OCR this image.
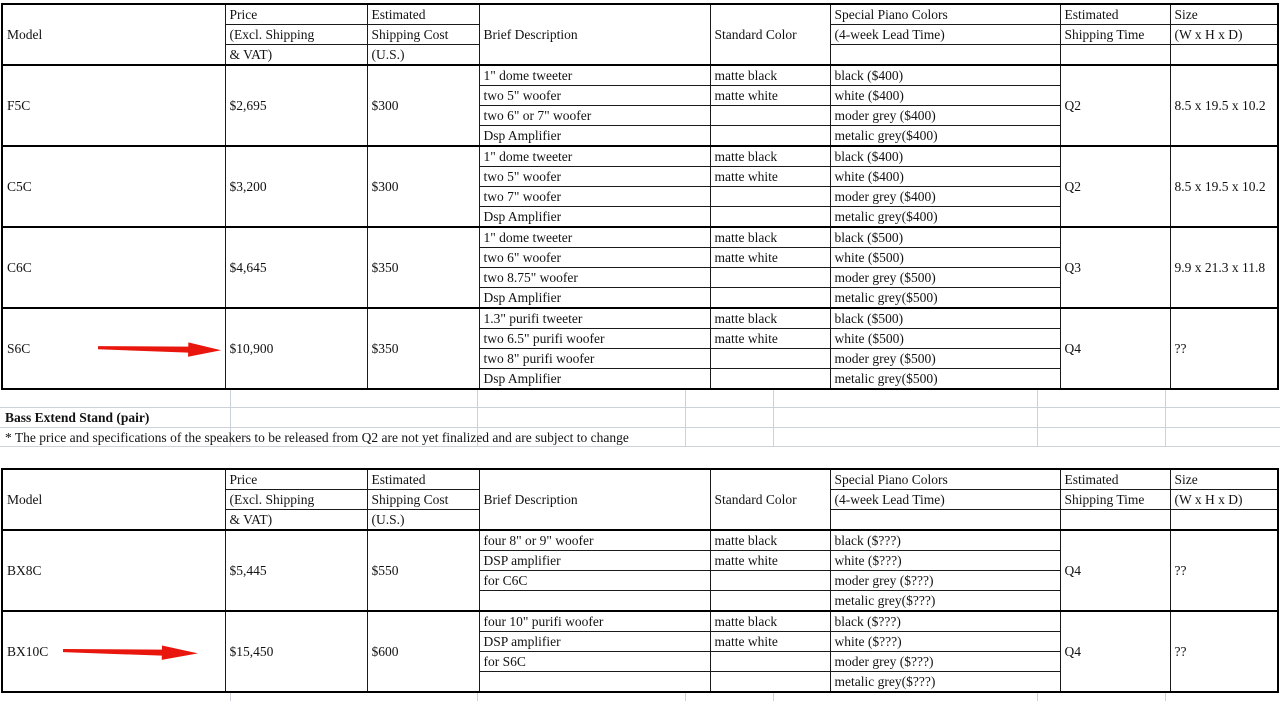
Model	Price	Estimated	Brief Description	Standard Color	Special Piano Colors	Estimated	Size
	(Excl. Shipping	Shipping Cost			(4-week Lead Time)	Shipping Time	(W x H x D)
	& VAT)	(U.S.)					
F5C	$2,695	$300	1" dome tweeter	matte black	black ($400)	Q2	8.5 x 19.5 x 10.2
			two 5" woofer	matte white	white ($400)		
			two 6" or 7" woofer		moder grey ($400)		
			Dsp Amplifier		metalic grey($400)		
C5C	$3,200	$300	1" dome tweeter	matte black	black ($400)	Q2	8.5 x 19.5 x 10.2
			two 5" woofer	matte white	white ($400)		
			two 7" woofer		moder grey ($400)		
			Dsp Amplifier		metalic grey($400)		
C6C	$4,645	$350	1" dome tweeter	matte black	black ($500)	Q3	9.9 x 21.3 x 11.8
			two 6" woofer	matte white	white ($500)		
			two 8.75" woofer		moder grey ($500)		
			Dsp Amplifier		metalic grey($500)		
S6C	$10,900	$350	1.3" purifi tweeter	matte black	black ($500)	Q4	??
			two 6.5" purifi woofer	matte white	white ($500)		
			two 8" purifi woofer		moder grey ($500)		
			Dsp Amplifier		metalic grey($500)		
Bass Extend Stand (pair)
* The price and specifications of the speakers to be released from Q2 are not yet finalized and are subject to change
Model	Price	Estimated	Brief Description	Standard Color	Special Piano Colors	Estimated	Size
	(Excl. Shipping	Shipping Cost			(4-week Lead Time)	Shipping Time	(W x H x D)
	& VAT)	(U.S.)					
BX8C	$5,445	$550	four 8" or 9" woofer	matte black	black ($???)	Q4	??
			DSP amplifier	matte white	white ($???)		
			for C6C		moder grey ($???)		
					metalic grey($???)		
BX10C	$15,450	$600	four 10" purifi woofer	matte black	black ($???)	Q4	??
			DSP amplifier	matte white	white ($???)		
			for S6C		moder grey ($???)		
					metalic grey($???)		
